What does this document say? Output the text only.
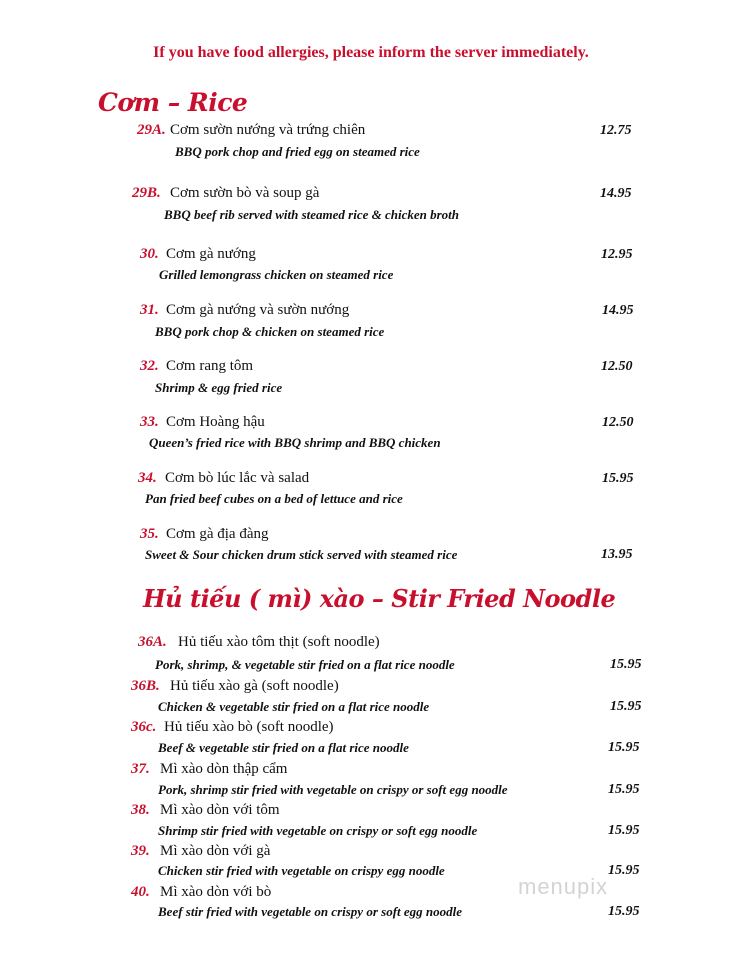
If you have food allergies, please inform the server immediately.
Cơm – Rice
29A. Cơm sườn nướng và trứng chiên
BBQ pork chop and fried egg on steamed rice
12.75
29B. Cơm sườn bò và soup gà
BBQ beef rib served with steamed rice & chicken broth
14.95
30. Cơm gà nướng
Grilled lemongrass chicken on steamed rice
12.95
31. Cơm gà nướng và sườn nướng
BBQ pork chop & chicken on steamed rice
14.95
32. Cơm rang tôm
Shrimp & egg fried rice
12.50
33. Cơm Hoàng hậu
Queen’s fried rice with BBQ shrimp and BBQ chicken
12.50
34. Cơm bò lúc lắc và salad
Pan fried beef cubes on a bed of lettuce and rice
15.95
35. Cơm gà địa đàng
Sweet & Sour chicken drum stick served with steamed rice	13.95
Hủ tiếu ( mì) xào – Stir Fried Noodle
36A. Hủ tiếu xào tôm thịt (soft noodle)
Pork, shrimp, & vegetable stir fried on a flat rice noodle	15.95
36B. Hủ tiếu xào gà (soft noodle)
Chicken & vegetable stir fried on a flat rice noodle	15.95
36c. Hủ tiếu xào bò (soft noodle)
Beef & vegetable stir fried on a flat rice noodle	15.95
37. Mì xào dòn thập cẩm
Pork, shrimp stir fried with vegetable on crispy or soft egg noodle	15.95
38. Mì xào dòn với tôm
Shrimp stir fried with vegetable on crispy or soft egg noodle	15.95
39. Mì xào dòn với gà
Chicken stir fried with vegetable on crispy egg noodle	15.95
40. Mì xào dòn với bò
Beef stir fried with vegetable on crispy or soft egg noodle	15.95
menupix
